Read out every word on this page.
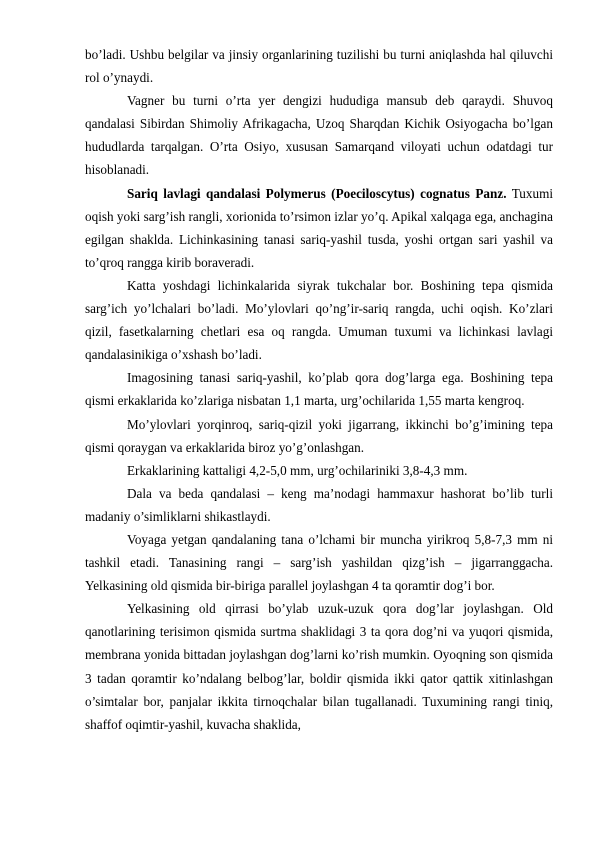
bo’ladi. Ushbu belgilar va jinsiy organlarining tuzilishi bu turni aniqlashda hal qiluvchi rol o’ynaydi.

Vagner bu turni o’rta yer dengizi hududiga mansub deb qaraydi. Shuvoq qandalasi Sibirdan Shimoliy Afrikagacha, Uzoq Sharqdan Kichik Osiyogacha bo’lgan hududlarda tarqalgan. O’rta Osiyo, xususan Samarqand viloyati uchun odatdagi tur hisoblanadi.

Sariq lavlagi qandalasi Polymerus (Poeciloscytus) cognatus Panz. Tuxumi oqish yoki sarg’ish rangli, xorionida to’rsimon izlar yo’q. Apikal xalqaga ega, anchagina egilgan shaklda. Lichinkasining tanasi sariq-yashil tusda, yoshi ortgan sari yashil va to’qroq rangga kirib boraveradi.

Katta yoshdagi lichinkalarida siyrak tukchalar bor. Boshining tepa qismida sarg’ich yo’lchalari bo’ladi. Mo’ylovlari qo’ng’ir-sariq rangda, uchi oqish. Ko’zlari qizil, fasetkalarning chetlari esa oq rangda. Umuman tuxumi va lichinkasi lavlagi qandalasinikiga o’xshash bo’ladi.

Imagosining tanasi sariq-yashil, ko’plab qora dog’larga ega. Boshining tepa qismi erkaklarida ko’zlariga nisbatan 1,1 marta, urg’ochilarida 1,55 marta kengroq.

Mo’ylovlari yorqinroq, sariq-qizil yoki jigarrang, ikkinchi bo’g’imining tepa qismi qoraygan va erkaklarida biroz yo’g’onlashgan.

Erkaklarining kattaligi 4,2-5,0 mm, urg’ochilariniki 3,8-4,3 mm.

Dala va beda qandalasi – keng ma’nodagi hammaxur hashorat bo’lib turli madaniy o’simliklarni shikastlaydi.

Voyaga yetgan qandalaning tana o’lchami bir muncha yirikroq 5,8-7,3 mm ni tashkil etadi. Tanasining rangi – sarg’ish yashildan qizg’ish – jigarranggacha. Yelkasining old qismida bir-biriga parallel joylashgan 4 ta qoramtir dog’i bor.

Yelkasining old qirrasi bo’ylab uzuk-uzuk qora dog’lar joylashgan. Old qanotlarining terisimon qismida surtma shaklidagi 3 ta qora dog’ni va yuqori qismida, membrana yonida bittadan joylashgan dog’larni ko’rish mumkin. Oyoqning son qismida 3 tadan qoramtir ko’ndalang belbog’lar, boldir qismida ikki qator qattik xitinlashgan o’simtalar bor, panjalar ikkita tirnoqchalar bilan tugallanadi. Tuxumining rangi tiniq, shaffof oqimtir-yashil, kuvacha shaklida,
